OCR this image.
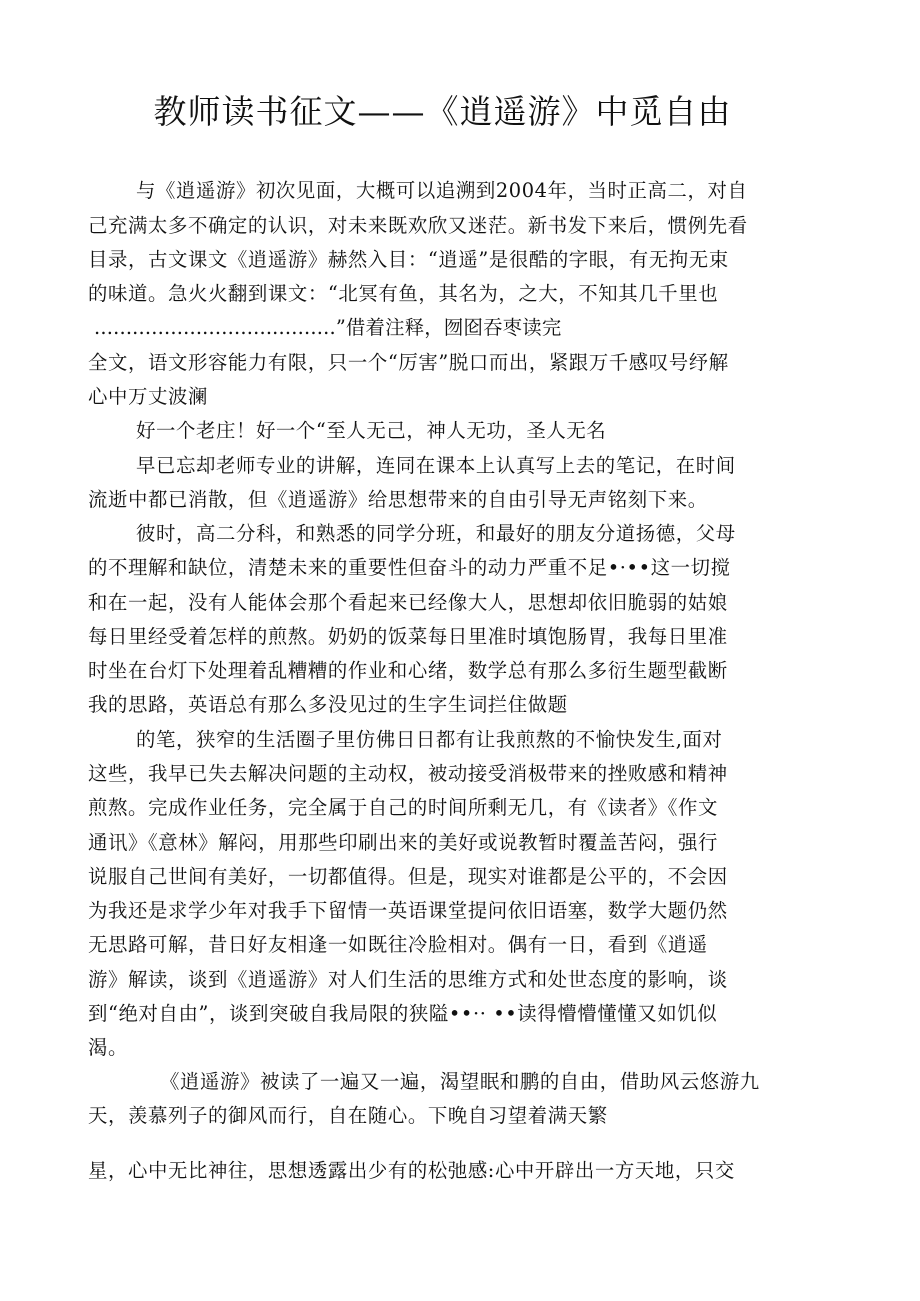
教师读书征文——《逍遥游》中觅自由

与《逍遥游》初次见面，大概可以追溯到2004年，当时正高二，对自

己充满太多不确定的认识，对未来既欢欣又迷茫。新书发下来后，惯例先看

目录，古文课文《逍遥游》赫然入目：“逍遥”是很酷的字眼，有无拘无束

的味道。急火火翻到课文：“北冥有鱼，其名为，之大，不知其几千里也

......................................”借着注释，囫囵吞枣读完

全文，语文形容能力有限，只一个“厉害”脱口而出，紧跟万千感叹号纾解

心中万丈波澜

好一个老庄！好一个“至人无己，神人无功，圣人无名

早已忘却老师专业的讲解，连同在课本上认真写上去的笔记，在时间

流逝中都已消散，但《逍遥游》给思想带来的自由引导无声铭刻下来。

彼时，高二分科，和熟悉的同学分班，和最好的朋友分道扬德，父母

的不理解和缺位，清楚未来的重要性但奋斗的动力严重不足•·••这一切搅

和在一起，没有人能体会那个看起来已经像大人，思想却依旧脆弱的姑娘

每日里经受着怎样的煎熬。奶奶的饭菜每日里准时填饱肠胃，我每日里准

时坐在台灯下处理着乱糟糟的作业和心绪，数学总有那么多衍生题型截断

我的思路，英语总有那么多没见过的生字生词拦住做题

的笔，狭窄的生活圈子里仿佛日日都有让我煎熬的不愉快发生,面对

这些，我早已失去解决问题的主动权，被动接受消极带来的挫败感和精神

煎熬。完成作业任务，完全属于自己的时间所剩无几，有《读者》《作文

通讯》《意林》解闷，用那些印刷出来的美好或说教暂时覆盖苦闷，强行

说服自己世间有美好，一切都值得。但是，现实对谁都是公平的，不会因

为我还是求学少年对我手下留情一英语课堂提问依旧语塞，数学大题仍然

无思路可解，昔日好友相逢一如既往冷脸相对。偶有一日，看到《逍遥

游》解读，谈到《逍遥游》对人们生活的思维方式和处世态度的影响，谈

到“绝对自由”，谈到突破自我局限的狭隘••·· ••读得懵懵懂懂又如饥似

渴。

《逍遥游》被读了一遍又一遍，渴望眠和鹏的自由，借助风云悠游九

天，羡慕列子的御风而行，自在随心。下晚自习望着满天繁

星，心中无比神往，思想透露出少有的松弛感:心中开辟出一方天地，只交
